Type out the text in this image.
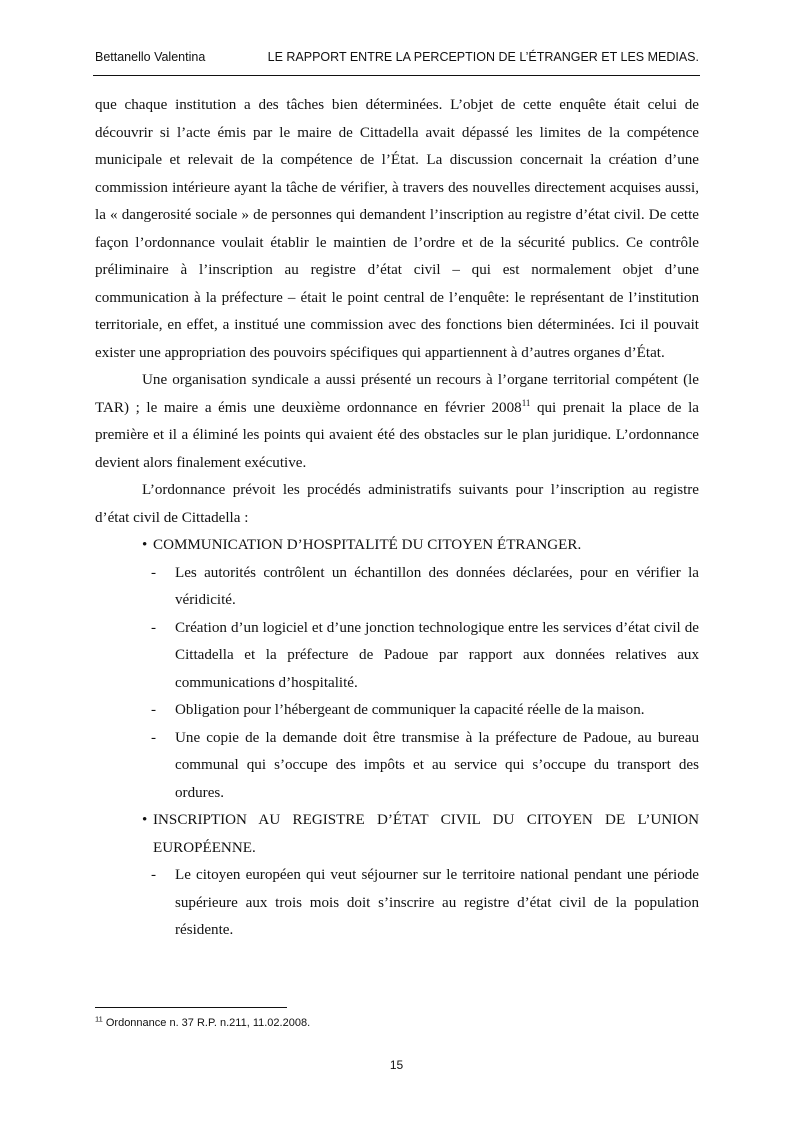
Bettanello Valentina	LE RAPPORT ENTRE LA PERCEPTION DE L’ÉTRANGER ET LES MEDIAS.

que chaque institution a des tâches bien déterminées. L’objet de cette enquête était celui de découvrir si l’acte émis par le maire de Cittadella avait dépassé les limites de la compétence municipale et relevait de la compétence de l’État. La discussion concernait la création d’une commission intérieure ayant la tâche de vérifier, à travers des nouvelles directement acquises aussi, la « dangerosité sociale » de personnes qui demandent l’inscription au registre d’état civil. De cette façon l’ordonnance voulait établir le maintien de l’ordre et de la sécurité publics. Ce contrôle préliminaire à l’inscription au registre d’état civil – qui est normalement objet d’une communication à la préfecture – était le point central de l’enquête: le représentant de l’institution territoriale, en effet, a institué une commission avec des fonctions bien déterminées. Ici il pouvait exister une appropriation des pouvoirs spécifiques qui appartiennent à d’autres organes d’État.

Une organisation syndicale a aussi présenté un recours à l’organe territorial compétent (le TAR) ; le maire a émis une deuxième ordonnance en février 2008$^{11}$ qui prenait la place de la première et il a éliminé les points qui avaient été des obstacles sur le plan juridique. L’ordonnance devient alors finalement exécutive.

L’ordonnance prévoit les procédés administratifs suivants pour l’inscription au registre d’état civil de Cittadella :

• COMMUNICATION D’HOSPITALITÉ DU CITOYEN ÉTRANGER.
- Les autorités contrôlent un échantillon des données déclarées, pour en vérifier la véridicité.
- Création d’un logiciel et d’une jonction technologique entre les services d’état civil de Cittadella et la préfecture de Padoue par rapport aux données relatives aux communications d’hospitalité.
- Obligation pour l’hébergeant de communiquer la capacité réelle de la maison.
- Une copie de la demande doit être transmise à la préfecture de Padoue, au bureau communal qui s’occupe des impôts et au service qui s’occupe du transport des ordures.
• INSCRIPTION AU REGISTRE D’ÉTAT CIVIL DU CITOYEN DE L’UNION EUROPÉENNE.
- Le citoyen européen qui veut séjourner sur le territoire national pendant une période supérieure aux trois mois doit s’inscrire au registre d’état civil de la population résidente.
$^{11}$ Ordonnance n. 37 R.P. n.211, 11.02.2008.
15
